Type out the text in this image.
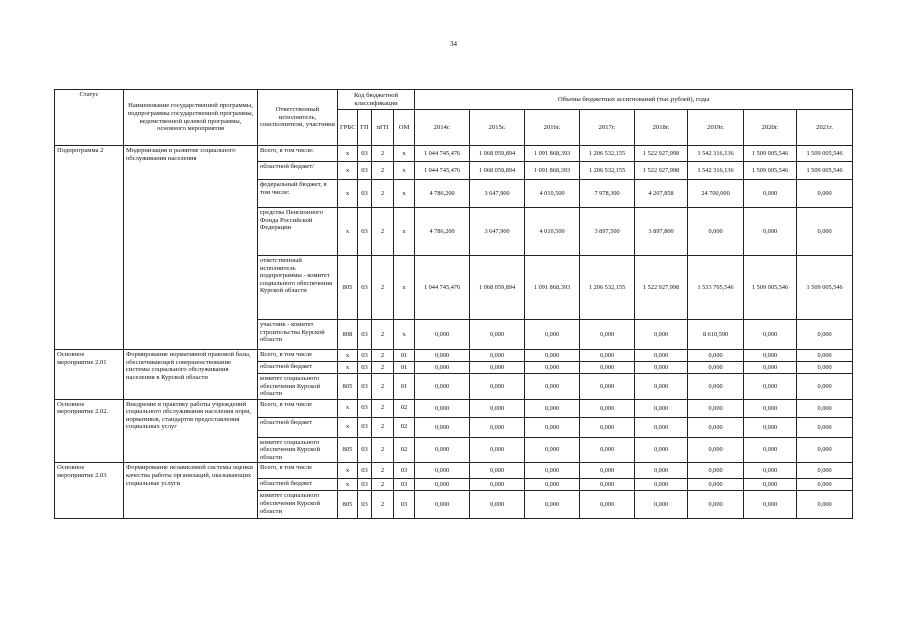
34
Статус	Наименование государственной программы, подпрограммы государственной программы, ведомственной целевой программы, основного мероприятия	Ответственный исполнитель, соисполнители, участники	Код бюджетной классификации				Объемы бюджетных ассигнований (тыс.рублей), годы							
			ГРБС	ГП	пГП	ОМ	2014г.	2015г.	2016г.	2017г.	2018г.	2019г.	2020г.	2021г.
Подпрограмма 2	Модернизация и развитие социального обслуживания населения	Всего, в том числе:	x	03	2	x	1 044 745,476	1 068 059,894	1 091 868,393	1 206 532,155	1 522 927,998	1 542 316,136	1 509 005,546	1 509 005,546
		областной бюджет/	x	03	2	x	1 044 745,476	1 068 059,894	1 091 868,393	1 206 532,155	1 522 927,998	1 542 316,136	1 509 005,546	1 509 005,546
		федеральный бюджет, в том числе:	x	03	2	x	4 786,200	3 647,900	4 010,500	7 978,300	4 207,858	24 700,000	0,000	0,000
		средства Пенсионного Фонда Российской Федерации	x	03	2	x	4 786,200	3 647,900	4 010,500	3 897,500	3 897,800	0,000	0,000	0,000
		ответственный исполнитель подпрограммы - комитет социального обеспечения Курской области	805	03	2	x	1 044 745,476	1 068 059,894	1 091 868,393	1 206 532,155	1 522 927,998	1 533 705,546	1 509 005,546	1 509 005,546
		участник - комитет строительства Курской области	808	03	2	x	0,000	0,000	0,000	0,000	0,000	8 610,590	0,000	0,000
Основное мероприятие 2.01	Формирование нормативной правовой базы, обеспечивающей совершенствование системы социального обслуживания населения в Курской области	Всего, в том числе	x	03	2	01	0,000	0,000	0,000	0,000	0,000	0,000	0,000	0,000
		областной бюджет	x	03	2	01	0,000	0,000	0,000	0,000	0,000	0,000	0,000	0,000
		комитет социального обеспечения Курской области	805	03	2	01	0,000	0,000	0,000	0,000	0,000	0,000	0,000	0,000
Основное мероприятие 2.02.	Внедрение в практику работы учреждений социального обслуживания населения норм, нормативов, стандартов предоставления социальных услуг	Всего, в том числе	x	03	2	02	0,000	0,000	0,000	0,000	0,000	0,000	0,000	0,000
		областной бюджет	x	03	2	02	0,000	0,000	0,000	0,000	0,000	0,000	0,000	0,000
		комитет социального обеспечения Курской области	805	03	2	02	0,000	0,000	0,000	0,000	0,000	0,000	0,000	0,000
Основное мероприятие 2.03	Формирование независимой системы оценки качества работы организаций, оказывающих социальные услуги	Всего, в том числе	x	03	2	03	0,000	0,000	0,000	0,000	0,000	0,000	0,000	0,000
		областной бюджет	x	03	2	03	0,000	0,000	0,000	0,000	0,000	0,000	0,000	0,000
		комитет социального обеспечения Курской области	805	03	2	03	0,000	0,000	0,000	0,000	0,000	0,000	0,000	0,000
